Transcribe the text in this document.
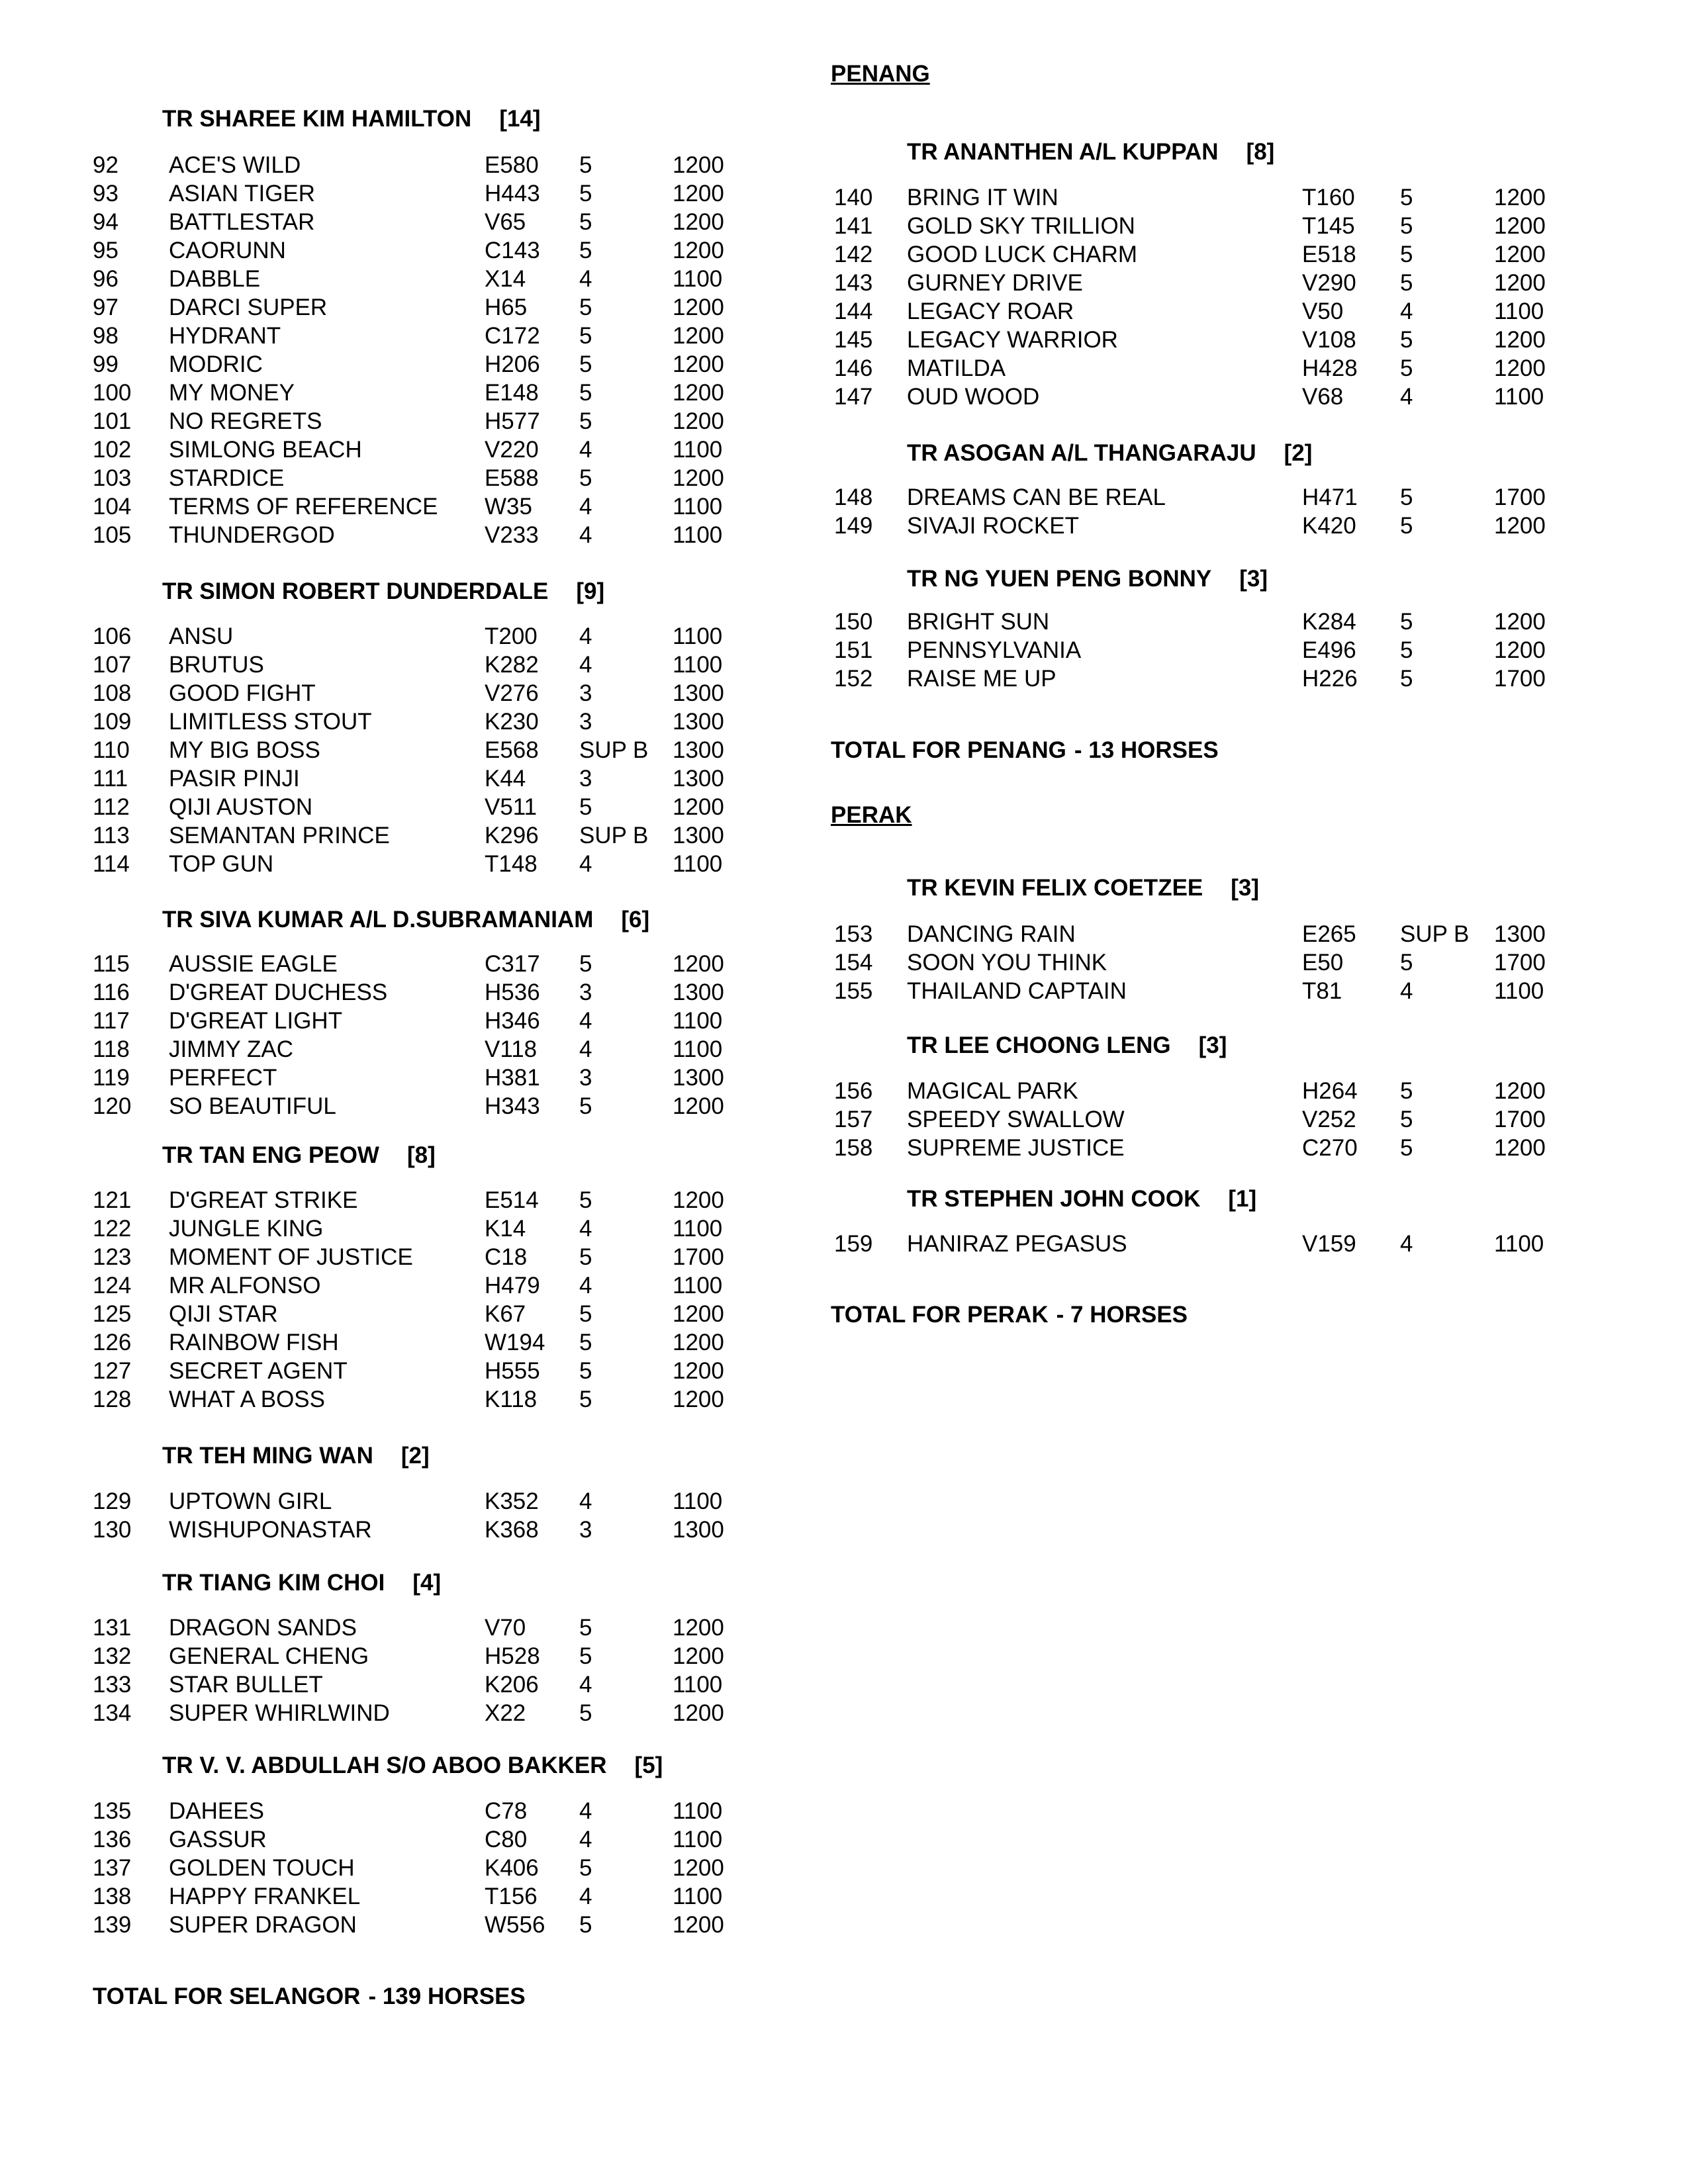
TR SHAREE KIM HAMILTON [14]
92 ACE'S WILD	E580 5	1200
93 ASIAN TIGER	H443 5	1200
94 BATTLESTAR	V65 5	1200
95 CAORUNN	C143 5	1200
96 DABBLE	X14 4	1100
97 DARCI SUPER	H65 5	1200
98 HYDRANT	C172 5	1200
99 MODRIC	H206 5	1200
100 MY MONEY	E148 5	1200
101 NO REGRETS	H577 5	1200
102 SIMLONG BEACH	V220 4	1100
103 STARDICE	E588 5	1200
104 TERMS OF REFERENCE W35 4	1100
105 THUNDERGOD	V233 4	1100
TR SIMON ROBERT DUNDERDALE [9]
106 ANSU	T200 4	1100
107 BRUTUS	K282 4	1100
108 GOOD FIGHT	V276 3	1300
109 LIMITLESS STOUT	K230 3	1300
110 MY BIG BOSS	E568 SUP B 1300
111 PASIR PINJI	K44 3	1300
112 QIJI AUSTON	V511 5	1200
113 SEMANTAN PRINCE	K296 SUP B 1300
114 TOP GUN	T148 4	1100
TR SIVA KUMAR A/L D.SUBRAMANIAM [6]
115 AUSSIE EAGLE	C317 5	1200
116 D'GREAT DUCHESS	H536 3	1300
117 D'GREAT LIGHT	H346 4	1100
118 JIMMY ZAC	V118 4	1100
119 PERFECT	H381 3	1300
120 SO BEAUTIFUL	H343 5	1200
TR TAN ENG PEOW [8]
121 D'GREAT STRIKE	E514 5	1200
122 JUNGLE KING	K14 4	1100
123 MOMENT OF JUSTICE	C18 5	1700
124 MR ALFONSO	H479 4	1100
125 QIJI STAR	K67 5	1200
126 RAINBOW FISH	W194 5	1200
127 SECRET AGENT	H555 5	1200
128 WHAT A BOSS	K118 5	1200
TR TEH MING WAN [2]
129 UPTOWN GIRL	K352 4	1100
130 WISHUPONASTAR	K368 3	1300
TR TIANG KIM CHOI [4]
131 DRAGON SANDS	V70 5	1200
132 GENERAL CHENG	H528 5	1200
133 STAR BULLET	K206 4	1100
134 SUPER WHIRLWIND	X22 5	1200
TR V. V. ABDULLAH S/O ABOO BAKKER [5]
135 DAHEES	C78 4	1100
136 GASSUR	C80 4	1100
137 GOLDEN TOUCH	K406 5	1200
138 HAPPY FRANKEL	T156 4	1100
139 SUPER DRAGON	W556 5	1200
TOTAL FOR SELANGOR - 139 HORSES
PENANG
TR ANANTHEN A/L KUPPAN [8]
140 BRING IT WIN	T160 5	1200
141 GOLD SKY TRILLION	T145 5	1200
142 GOOD LUCK CHARM	E518 5	1200
143 GURNEY DRIVE	V290 5	1200
144 LEGACY ROAR	V50 4	1100
145 LEGACY WARRIOR	V108 5	1200
146 MATILDA	H428 5	1200
147 OUD WOOD	V68 4	1100
TR ASOGAN A/L THANGARAJU [2]
148 DREAMS CAN BE REAL	H471 5	1700
149 SIVAJI ROCKET	K420 5	1200
TR NG YUEN PENG BONNY [3]
150 BRIGHT SUN	K284 5	1200
151 PENNSYLVANIA	E496 5	1200
152 RAISE ME UP	H226 5	1700
TOTAL FOR PENANG - 13 HORSES
PERAK
TR KEVIN FELIX COETZEE [3]
153 DANCING RAIN	E265 SUP B 1300
154 SOON YOU THINK	E50 5	1700
155 THAILAND CAPTAIN	T81	4	1100
TR LEE CHOONG LENG [3]
156 MAGICAL PARK	H264 5	1200
157 SPEEDY SWALLOW	V252 5	1700
158 SUPREME JUSTICE	C270 5	1200
TR STEPHEN JOHN COOK [1]
159 HANIRAZ PEGASUS	V159 4	1100
TOTAL FOR PERAK - 7 HORSES
